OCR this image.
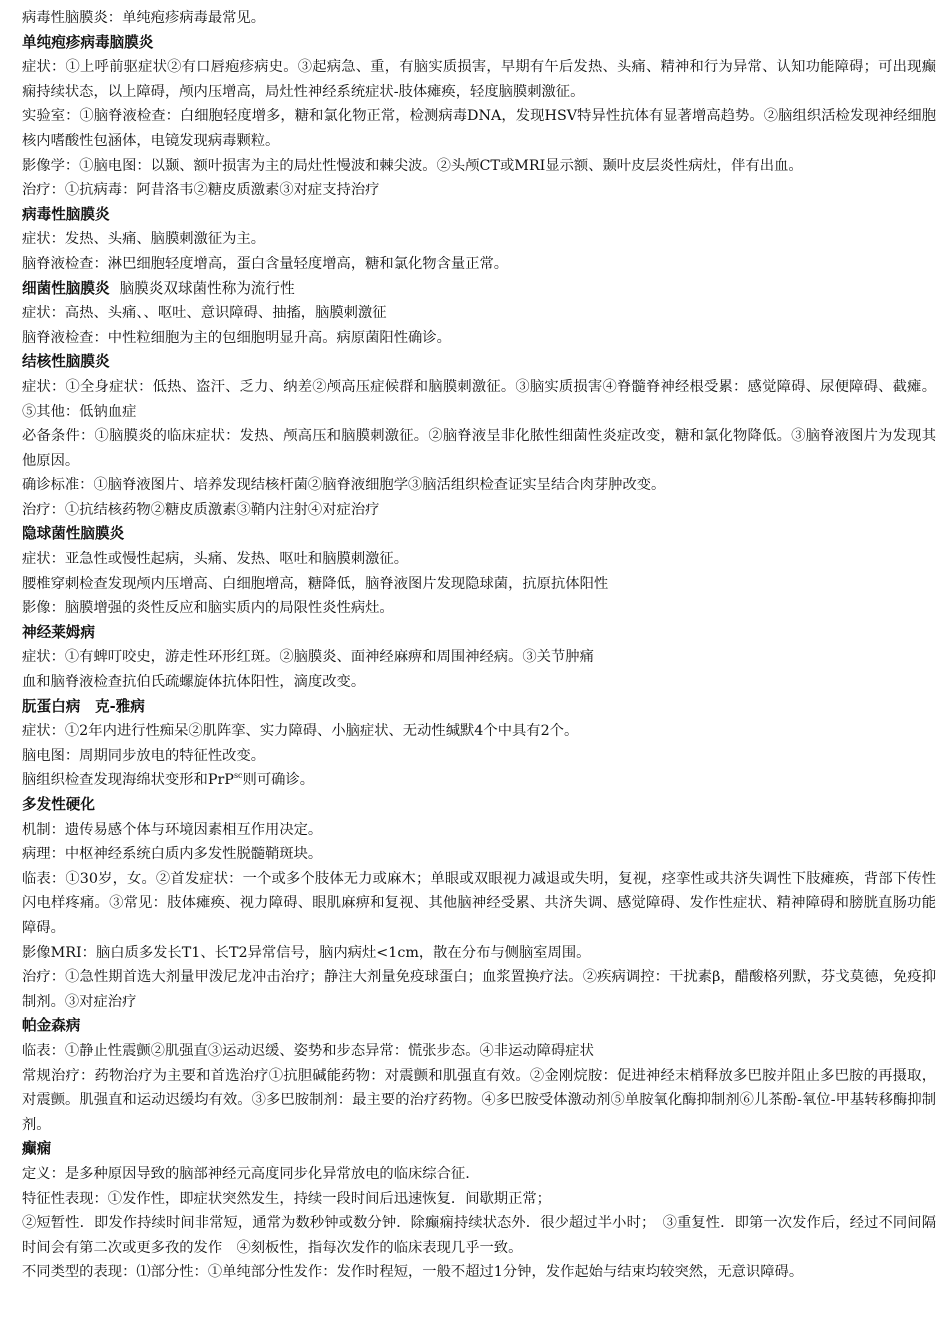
病毒性脑膜炎：单纯疱疹病毒最常见。

单纯疱疹病毒脑膜炎

症状：①上呼前驱症状②有口唇疱疹病史。③起病急、重，有脑实质损害，早期有午后发热、头痛、精神和行为异常、认知功能障碍；可出现癫痫持续状态，以上障碍，颅内压增高，局灶性神经系统症状-肢体瘫痪，轻度脑膜刺激征。

实验室：①脑脊液检查：白细胞轻度增多，糖和氯化物正常，检测病毒DNA，发现HSV特异性抗体有显著增高趋势。②脑组织活检发现神经细胞核内嗜酸性包涵体，电镜发现病毒颗粒。

影像学：①脑电图：以颞、额叶损害为主的局灶性慢波和棘尖波。②头颅CT或MRI显示额、颞叶皮层炎性病灶，伴有出血。

治疗：①抗病毒：阿昔洛韦②糖皮质激素③对症支持治疗

病毒性脑膜炎

症状：发热、头痛、脑膜刺激征为主。

脑脊液检查：淋巴细胞轻度增高，蛋白含量轻度增高，糖和氯化物含量正常。

细菌性脑膜炎 脑膜炎双球菌性称为流行性

症状：高热、头痛、、呕吐、意识障碍、抽搐，脑膜刺激征

脑脊液检查：中性粒细胞为主的包细胞明显升高。病原菌阳性确诊。

结核性脑膜炎

症状：①全身症状：低热、盗汗、乏力、纳差②颅高压症候群和脑膜刺激征。③脑实质损害④脊髓脊神经根受累：感觉障碍、尿便障碍、截瘫。⑤其他：低钠血症

必备条件：①脑膜炎的临床症状：发热、颅高压和脑膜刺激征。②脑脊液呈非化脓性细菌性炎症改变，糖和氯化物降低。③脑脊液图片为发现其他原因。

确诊标准：①脑脊液图片、培养发现结核杆菌②脑脊液细胞学③脑活组织检查证实呈结合肉芽肿改变。

治疗：①抗结核药物②糖皮质激素③鞘内注射④对症治疗

隐球菌性脑膜炎

症状：亚急性或慢性起病，头痛、发热、呕吐和脑膜刺激征。

腰椎穿刺检查发现颅内压增高、白细胞增高，糖降低，脑脊液图片发现隐球菌，抗原抗体阳性

影像：脑膜增强的炎性反应和脑实质内的局限性炎性病灶。

神经莱姆病

症状：①有蜱叮咬史，游走性环形红斑。②脑膜炎、面神经麻痹和周围神经病。③关节肿痛

血和脑脊液检查抗伯氏疏螺旋体抗体阳性，滴度改变。

朊蛋白病　克-雅病

症状：①2年内进行性痴呆②肌阵挛、实力障碍、小脑症状、无动性缄默4个中具有2个。

脑电图：周期同步放电的特征性改变。

脑组织检查发现海绵状变形和PrP$^{sc}$则可确诊。

多发性硬化

机制：遗传易感个体与环境因素相互作用决定。

病理：中枢神经系统白质内多发性脱髓鞘斑块。

临表：①30岁，女。②首发症状：一个或多个肢体无力或麻木；单眼或双眼视力减退或失明，复视，痉挛性或共济失调性下肢瘫痪，背部下传性闪电样疼痛。③常见：肢体瘫痪、视力障碍、眼肌麻痹和复视、其他脑神经受累、共济失调、感觉障碍、发作性症状、精神障碍和膀胱直肠功能障碍。

影像MRI：脑白质多发长T1、长T2异常信号，脑内病灶<1cm，散在分布与侧脑室周围。

治疗：①急性期首选大剂量甲泼尼龙冲击治疗；静注大剂量免疫球蛋白；血浆置换疗法。②疾病调控：干扰素β，醋酸格列默，芬戈莫德，免疫抑制剂。③对症治疗

帕金森病

临表：①静止性震颤②肌强直③运动迟缓、姿势和步态异常：慌张步态。④非运动障碍症状

常规治疗：药物治疗为主要和首选治疗①抗胆碱能药物：对震颤和肌强直有效。②金刚烷胺：促进神经末梢释放多巴胺并阻止多巴胺的再摄取，对震颤。肌强直和运动迟缓均有效。③多巴胺制剂：最主要的治疗药物。④多巴胺受体激动剂⑤单胺氧化酶抑制剂⑥儿茶酚-氧位-甲基转移酶抑制剂。

癫痫

定义：是多种原因导致的脑部神经元高度同步化异常放电的临床综合征.

特征性表现：①发作性，即症状突然发生，持续一段时间后迅速恢复．间歇期正常；

②短暂性．即发作持续时间非常短，通常为数秒钟或数分钟．除癫痫持续状态外．很少超过半小时；　③重复性．即第一次发作后，经过不同间隔时间会有第二次或更多孜的发作　④刻板性，指每次发作的临床表现几乎一致。

不同类型的表现：⑴部分性：①单纯部分性发作：发作时程短，一般不超过1分钟，发作起始与结束均较突然，无意识障碍。
